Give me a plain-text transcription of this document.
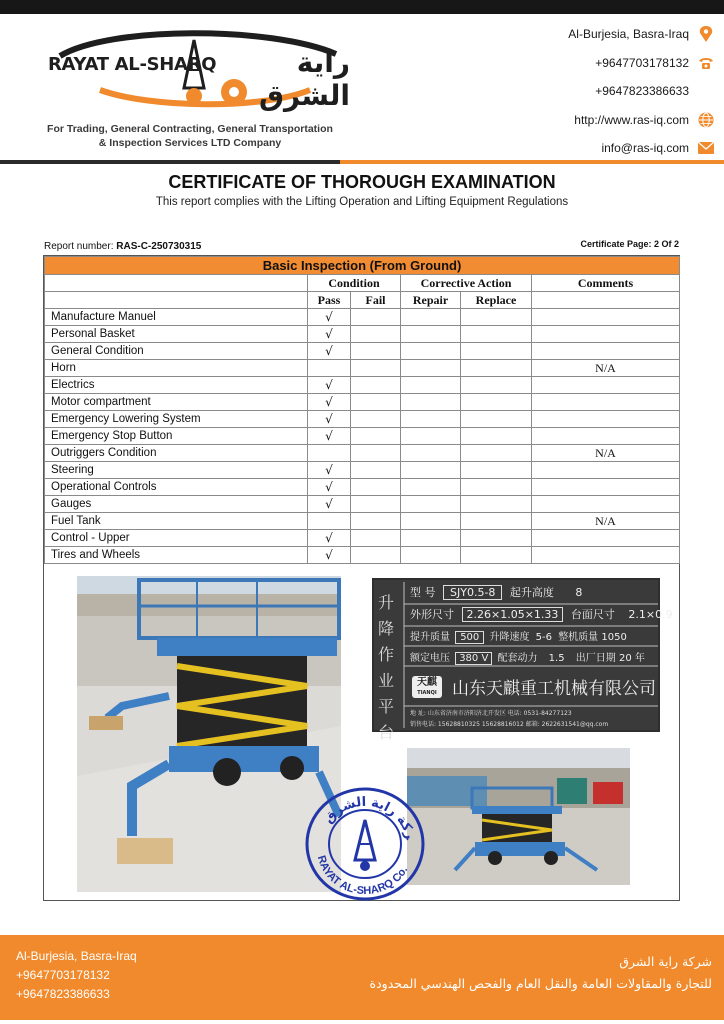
RAYAT AL-SHARQ	راية الشرق
For Trading, General Contracting, General Transportation
& Inspection Services LTD Company
Al-Burjesia, Basra-Iraq
+9647703178132
+9647823386633
http://www.ras-iq.com
info@ras-iq.com
CERTIFICATE OF THOROUGH EXAMINATION
This report complies with the Lifting Operation and Lifting Equipment Regulations
Report number: RAS-C-250730315	Certificate Page: 2 Of 2
Basic Inspection (From Ground)					
	Condition		Corrective Action		Comments
	Pass	Fail	Repair	Replace	
Manufacture Manuel	√				
Personal Basket	√				
General Condition	√				
Horn					N/A
Electrics	√				
Motor compartment	√				
Emergency Lowering System	√				
Emergency Stop Button	√				
Outriggers Condition					N/A
Steering	√				
Operational Controls	√				
Gauges	√				
Fuel Tank					N/A
Control - Upper	√				
Tires and Wheels	√				
升降作业平台
型 号 SJY0.5-8 起升高度 8
外形尺寸 2.26×1.05×1.33 台面尺寸 2.1×0.9
提升质量 500 升降速度 5-6 整机质量 1050
额定电压 380 V 配套动力 1.5 出厂日期 20 年
天麒
TIANQI 山东天麒重工机械有限公司
地 址: 山东省济南市济阳济北开发区 电话: 0531-84277123
销售电话: 15628810325 15628816012 邮箱: 2622631541@qq.com
ركة راية الشرق
RAYAT AL-SHARQ Co.
Al-Burjesia, Basra-Iraq
+9647703178132
+9647823386633
شركة راية الشرق
للتجارة والمقاولات العامة والنقل العام والفحص الهندسي المحدودة
